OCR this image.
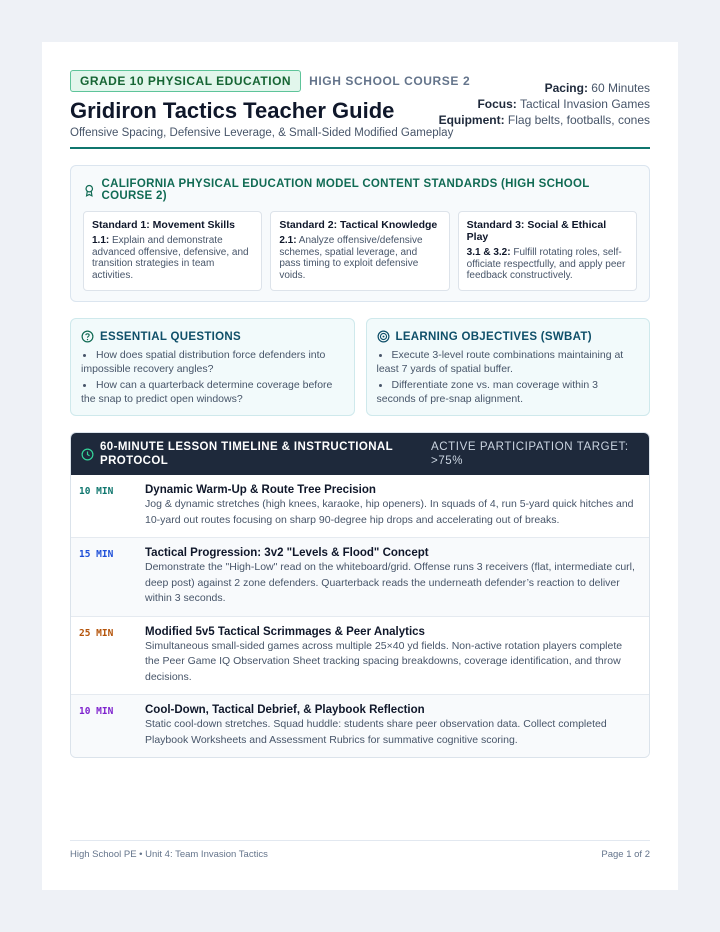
GRADE 10 PHYSICAL EDUCATION	HIGH SCHOOL COURSE 2
Gridiron Tactics Teacher Guide
Offensive Spacing, Defensive Leverage, & Small-Sided Modified Gameplay
Pacing: 60 Minutes
Focus: Tactical Invasion Games
Equipment: Flag belts, footballs, cones
CALIFORNIA PHYSICAL EDUCATION MODEL CONTENT STANDARDS (HIGH SCHOOL COURSE 2)
Standard 1: Movement Skills
1.1: Explain and demonstrate advanced offensive, defensive, and transition strategies in team activities.
Standard 2: Tactical Knowledge
2.1: Analyze offensive/defensive schemes, spatial leverage, and pass timing to exploit defensive voids.
Standard 3: Social & Ethical Play
3.1 & 3.2: Fulfill rotating roles, self-officiate respectfully, and apply peer feedback constructively.
ESSENTIAL QUESTIONS
How does spatial distribution force defenders into impossible recovery angles?
How can a quarterback determine coverage before the snap to predict open windows?
LEARNING OBJECTIVES (SWBAT)
Execute 3-level route combinations maintaining at least 7 yards of spatial buffer.
Differentiate zone vs. man coverage within 3 seconds of pre-snap alignment.
60-MINUTE LESSON TIMELINE & INSTRUCTIONAL PROTOCOL
ACTIVE PARTICIPATION TARGET: >75%
10 MIN	Dynamic Warm-Up & Route Tree Precision
Jog & dynamic stretches (high knees, karaoke, hip openers). In squads of 4, run 5-yard quick hitches and 10-yard out routes focusing on sharp 90-degree hip drops and accelerating out of breaks.
15 MIN	Tactical Progression: 3v2 "Levels & Flood" Concept
Demonstrate the "High-Low" read on the whiteboard/grid. Offense runs 3 receivers (flat, intermediate curl, deep post) against 2 zone defenders. Quarterback reads the underneath defender’s reaction to deliver within 3 seconds.
25 MIN	Modified 5v5 Tactical Scrimmages & Peer Analytics
Simultaneous small-sided games across multiple 25×40 yd fields. Non-active rotation players complete the Peer Game IQ Observation Sheet tracking spacing breakdowns, coverage identification, and throw decisions.
10 MIN	Cool-Down, Tactical Debrief, & Playbook Reflection
Static cool-down stretches. Squad huddle: students share peer observation data. Collect completed Playbook Worksheets and Assessment Rubrics for summative cognitive scoring.
High School PE • Unit 4: Team Invasion Tactics	Page 1 of 2
